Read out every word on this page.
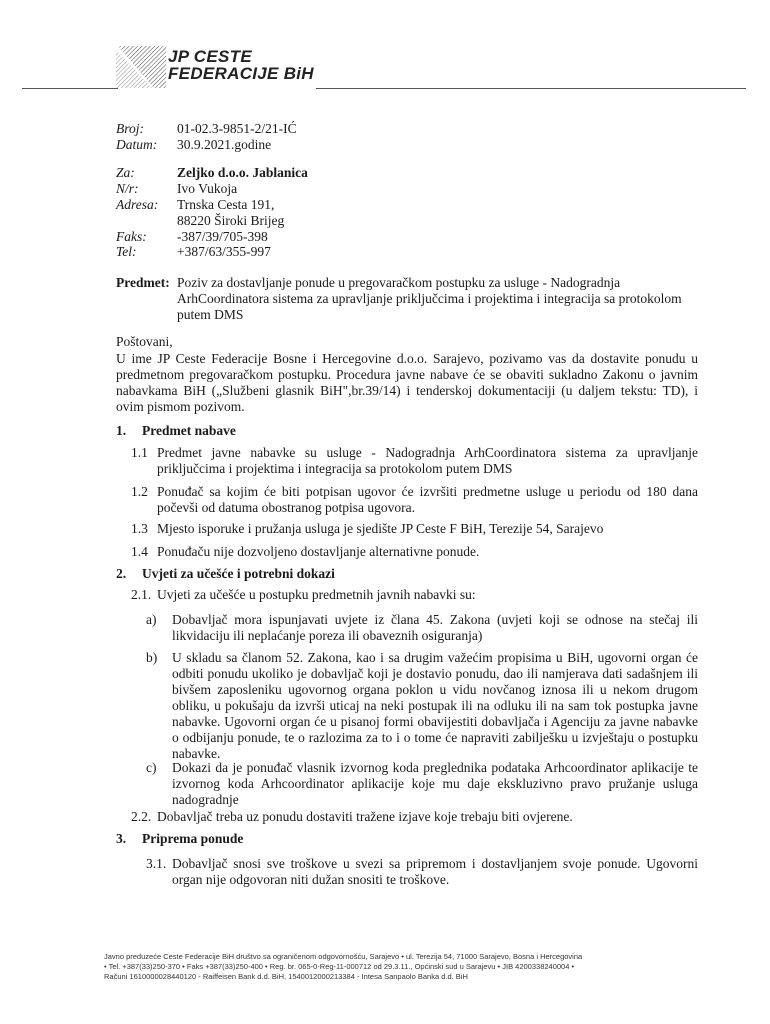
JP CESTE
FEDERACIJE BiH
Broj: 01-02.3-9851-2/21-IĆ
Datum: 30.9.2021.godine
Za:	Zeljko d.o.o. Jablanica
N/r:	Ivo Vukoja
Adresa: Trnska Cesta 191,
88220 Široki Brijeg
Faks: -387/39/705-398
Tel:	+387/63/355-997
Predmet: Poziv za dostavljanje ponude u pregovaračkom postupku za usluge - Nadogradnja ArhCoordinatora sistema za upravljanje priključcima i projektima i integracija sa protokolom putem DMS
Poštovani,
U ime JP Ceste Federacije Bosne i Hercegovine d.o.o. Sarajevo, pozivamo vas da dostavite ponudu u predmetnom pregovaračkom postupku. Procedura javne nabave će se obaviti sukladno Zakonu o javnim nabavkama BiH („Službeni glasnik BiH",br.39/14) i tenderskoj dokumentaciji (u daljem tekstu: TD), i ovim pismom pozivom.
1. Predmet nabave
1.1 Predmet javne nabavke su usluge - Nadogradnja ArhCoordinatora sistema za upravljanje priključcima i projektima i integracija sa protokolom putem DMS
1.2 Ponuđač sa kojim će biti potpisan ugovor će izvršiti predmetne usluge u periodu od 180 dana počevši od datuma obostranog potpisa ugovora.
1.3 Mjesto isporuke i pružanja usluga je sjedište JP Ceste F BiH, Terezije 54, Sarajevo
1.4 Ponuđaču nije dozvoljeno dostavljanje alternativne ponude.
2. Uvjeti za učešće i potrebni dokazi
2.1. Uvjeti za učešće u postupku predmetnih javnih nabavki su:
a) Dobavljač mora ispunjavati uvjete iz člana 45. Zakona (uvjeti koji se odnose na stečaj ili likvidaciju ili neplaćanje poreza ili obaveznih osiguranja)
b) U skladu sa članom 52. Zakona, kao i sa drugim važećim propisima u BiH, ugovorni organ će odbiti ponudu ukoliko je dobavljač koji je dostavio ponudu, dao ili namjerava dati sadašnjem ili bivšem zaposleniku ugovornog organa poklon u vidu novčanog iznosa ili u nekom drugom obliku, u pokušaju da izvrši uticaj na neki postupak ili na odluku ili na sam tok postupka javne nabavke. Ugovorni organ će u pisanoj formi obavijestiti dobavljača i Agenciju za javne nabavke o odbijanju ponude, te o razlozima za to i o tome će napraviti zabilješku u izvještaju o postupku nabavke.
c) Dokazi da je ponuđač vlasnik izvornog koda preglednika podataka Arhcoordinator aplikacije te izvornog koda Arhcoordinator aplikacije koje mu daje ekskluzivno pravo pružanje usluga nadogradnje
2.2. Dobavljač treba uz ponudu dostaviti tražene izjave koje trebaju biti ovjerene.
3. Priprema ponude
3.1. Dobavljač snosi sve troškove u svezi sa pripremom i dostavljanjem svoje ponude. Ugovorni organ nije odgovoran niti dužan snositi te troškove.
Javno preduzeće Ceste Federacije BiH društvo sa ograničenom odgovornošću, Sarajevo • ul. Terezija 54, 71000 Sarajevo, Bosna i Hercegovina
• Tel. +387(33)250-370 • Faks +387(33)250-400 • Reg. br. 065-0-Reg-11-000712 od 29.3.11., Općinski sud u Sarajevu • JIB 4200338240004 •
Računi 1610000028440120 - Raiffeisen Bank d.d. BiH, 1540012000213384 - Intesa Sanpaolo Banka d.d. BiH
